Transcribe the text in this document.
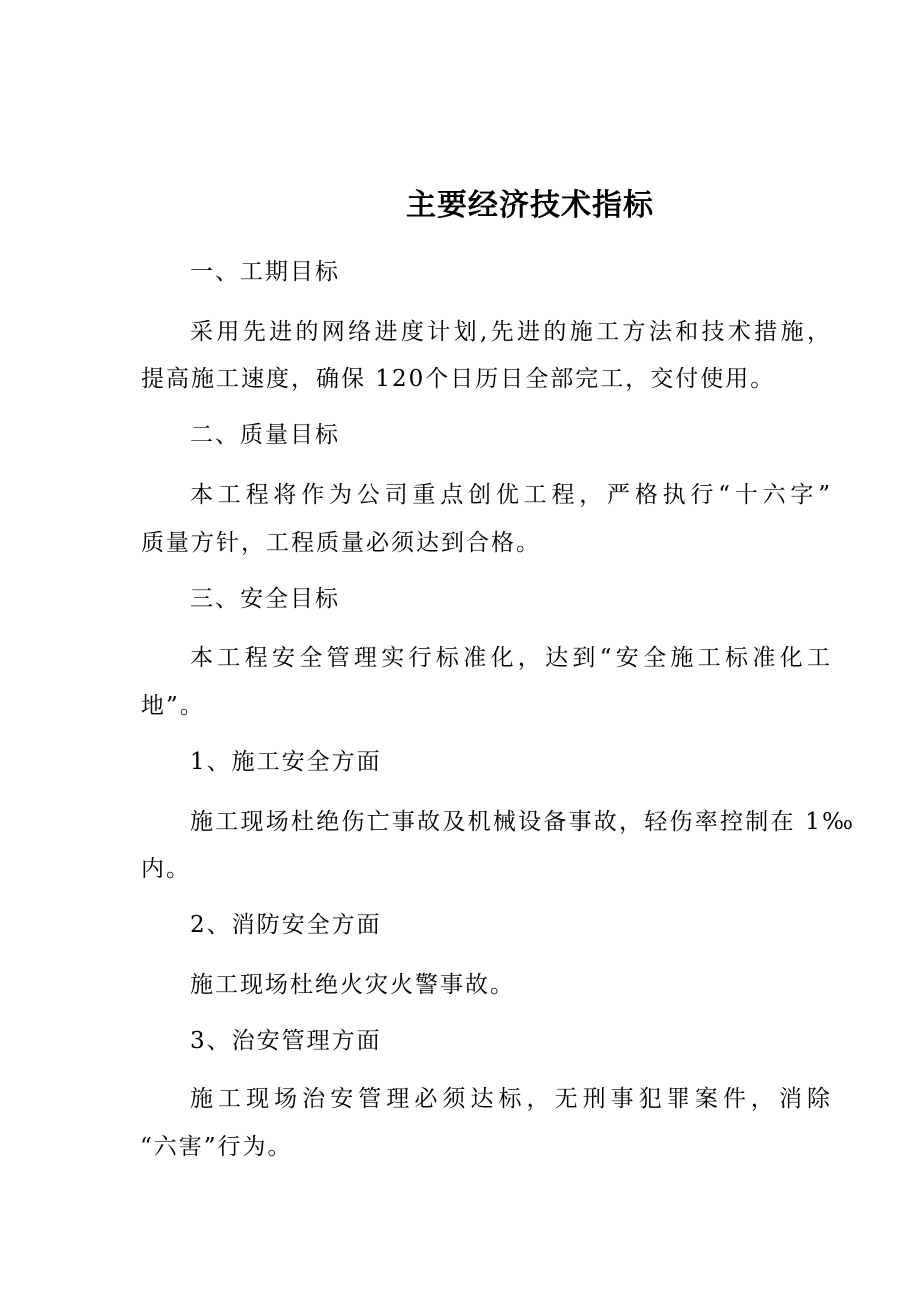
主要经济技术指标
一、工期目标
采用先进的网络进度计划,先进的施工方法和技术措施，
提高施工速度，确保 120个日历日全部完工，交付使用。
二、质量目标
本工程将作为公司重点创优工程，严格执行“十六字”
质量方针，工程质量必须达到合格。
三、安全目标
本工程安全管理实行标准化，达到“安全施工标准化工
地”。
1、施工安全方面
施工现场杜绝伤亡事故及机械设备事故，轻伤率控制在 1‰
内。
2、消防安全方面
施工现场杜绝火灾火警事故。
3、治安管理方面
施工现场治安管理必须达标，无刑事犯罪案件，消除
“六害”行为。
